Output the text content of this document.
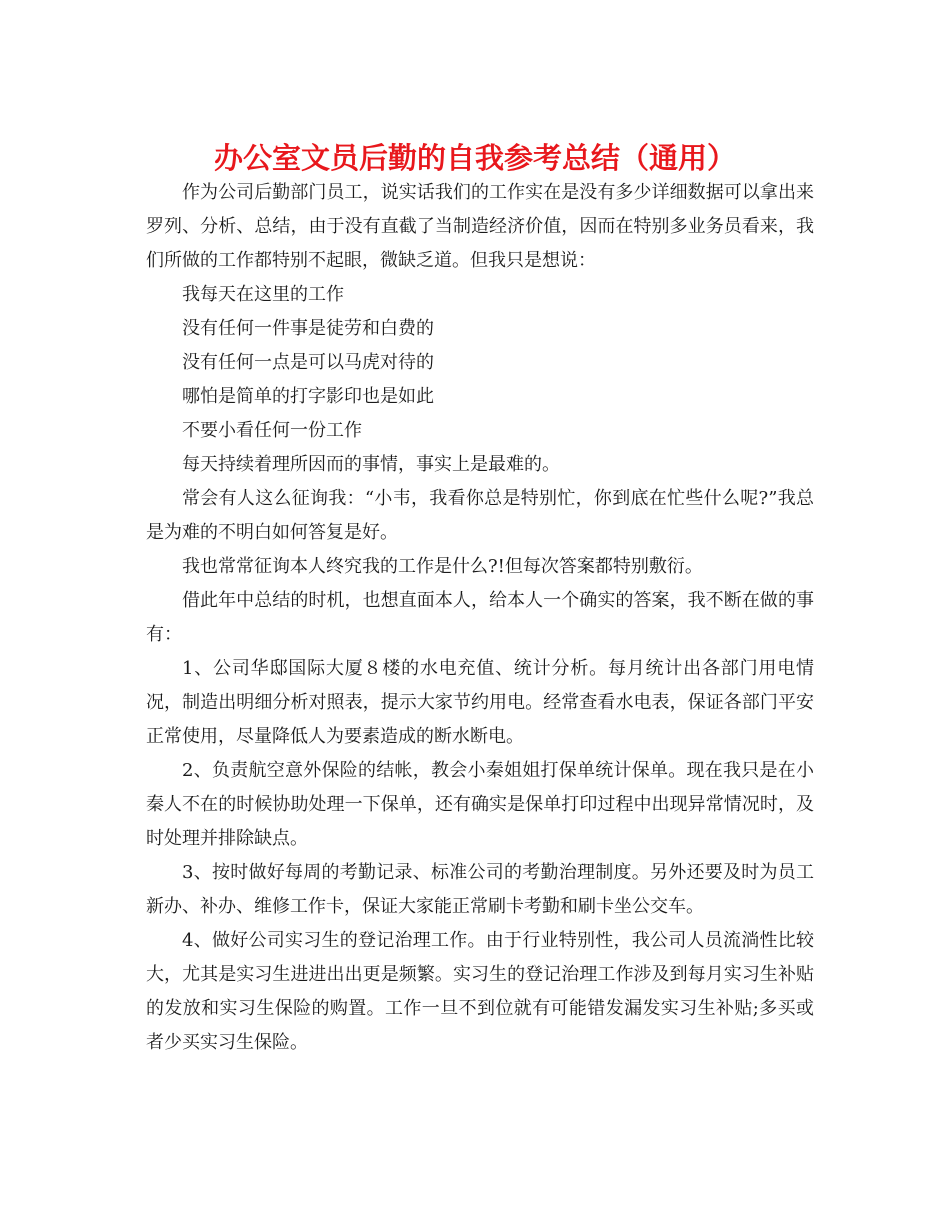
办公室文员后勤的自我参考总结（通用）

作为公司后勤部门员工，说实话我们的工作实在是没有多少详细数据可以拿出来罗列、分析、总结，由于没有直截了当制造经济价值，因而在特别多业务员看来，我们所做的工作都特别不起眼，微缺乏道。但我只是想说：

我每天在这里的工作

没有任何一件事是徒劳和白费的

没有任何一点是可以马虎对待的

哪怕是简单的打字影印也是如此

不要小看任何一份工作

每天持续着理所因而的事情，事实上是最难的。

常会有人这么征询我：“小韦，我看你总是特别忙，你到底在忙些什么呢?”我总是为难的不明白如何答复是好。

我也常常征询本人终究我的工作是什么?!但每次答案都特别敷衍。

借此年中总结的时机，也想直面本人，给本人一个确实的答案，我不断在做的事有：

1、公司华邸国际大厦８楼的水电充值、统计分析。每月统计出各部门用电情况，制造出明细分析对照表，提示大家节约用电。经常查看水电表，保证各部门平安正常使用，尽量降低人为要素造成的断水断电。

2、负责航空意外保险的结帐，教会小秦姐姐打保单统计保单。现在我只是在小秦人不在的时候协助处理一下保单，还有确实是保单打印过程中出现异常情况时，及时处理并排除缺点。

3、按时做好每周的考勤记录、标准公司的考勤治理制度。另外还要及时为员工新办、补办、维修工作卡，保证大家能正常刷卡考勤和刷卡坐公交车。

4、做好公司实习生的登记治理工作。由于行业特别性，我公司人员流淌性比较大，尤其是实习生进进出出更是频繁。实习生的登记治理工作涉及到每月实习生补贴的发放和实习生保险的购置。工作一旦不到位就有可能错发漏发实习生补贴;多买或者少买实习生保险。
